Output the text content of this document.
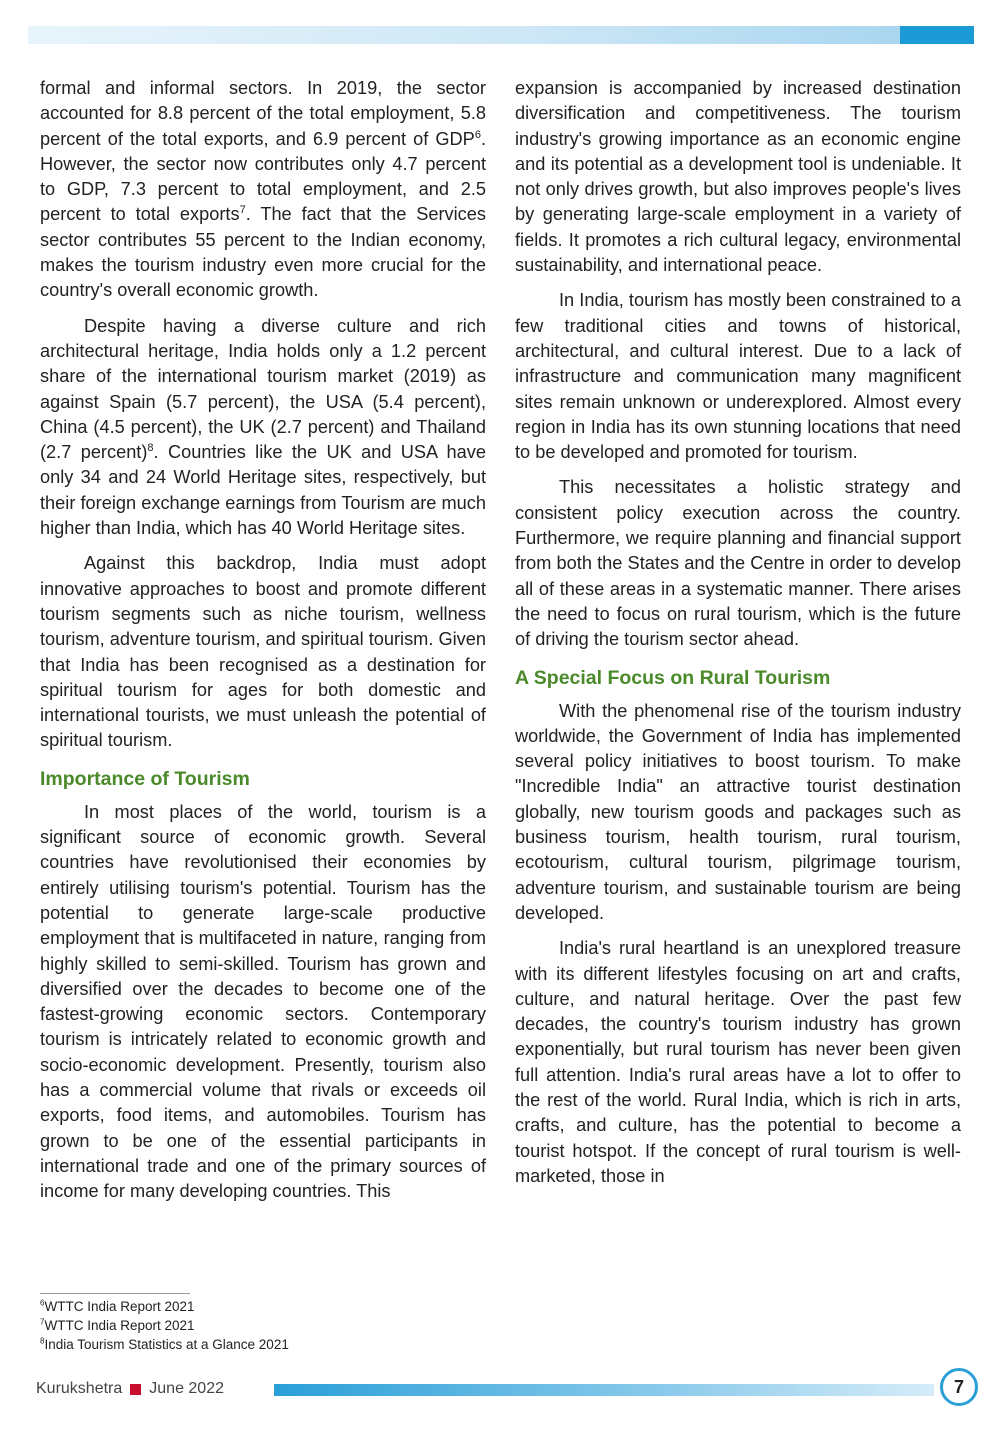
formal and informal sectors. In 2019, the sector accounted for 8.8 percent of the total employment, 5.8 percent of the total exports, and 6.9 percent of GDP$^6$. However, the sector now contributes only 4.7 percent to GDP, 7.3 percent to total employment, and 2.5 percent to total exports$^7$. The fact that the Services sector contributes 55 percent to the Indian economy, makes the tourism industry even more crucial for the country's overall economic growth.

Despite having a diverse culture and rich architectural heritage, India holds only a 1.2 percent share of the international tourism market (2019) as against Spain (5.7 percent), the USA (5.4 percent), China (4.5 percent), the UK (2.7 percent) and Thailand (2.7 percent)$^8$. Countries like the UK and USA have only 34 and 24 World Heritage sites, respectively, but their foreign exchange earnings from Tourism are much higher than India, which has 40 World Heritage sites.

Against this backdrop, India must adopt innovative approaches to boost and promote different tourism segments such as niche tourism, wellness tourism, adventure tourism, and spiritual tourism. Given that India has been recognised as a destination for spiritual tourism for ages for both domestic and international tourists, we must unleash the potential of spiritual tourism.

Importance of Tourism

In most places of the world, tourism is a significant source of economic growth. Several countries have revolutionised their economies by entirely utilising tourism's potential. Tourism has the potential to generate large-scale productive employment that is multifaceted in nature, ranging from highly skilled to semi-skilled. Tourism has grown and diversified over the decades to become one of the fastest-growing economic sectors. Contemporary tourism is intricately related to economic growth and socio-economic development. Presently, tourism also has a commercial volume that rivals or exceeds oil exports, food items, and automobiles. Tourism has grown to be one of the essential participants in international trade and one of the primary sources of income for many developing countries. This

expansion is accompanied by increased destination diversification and competitiveness. The tourism industry's growing importance as an economic engine and its potential as a development tool is undeniable. It not only drives growth, but also improves people's lives by generating large-scale employment in a variety of fields. It promotes a rich cultural legacy, environmental sustainability, and international peace.

In India, tourism has mostly been constrained to a few traditional cities and towns of historical, architectural, and cultural interest. Due to a lack of infrastructure and communication many magnificent sites remain unknown or underexplored. Almost every region in India has its own stunning locations that need to be developed and promoted for tourism.

This necessitates a holistic strategy and consistent policy execution across the country. Furthermore, we require planning and financial support from both the States and the Centre in order to develop all of these areas in a systematic manner. There arises the need to focus on rural tourism, which is the future of driving the tourism sector ahead.

A Special Focus on Rural Tourism

With the phenomenal rise of the tourism industry worldwide, the Government of India has implemented several policy initiatives to boost tourism. To make "Incredible India" an attractive tourist destination globally, new tourism goods and packages such as business tourism, health tourism, rural tourism, ecotourism, cultural tourism, pilgrimage tourism, adventure tourism, and sustainable tourism are being developed.

India's rural heartland is an unexplored treasure with its different lifestyles focusing on art and crafts, culture, and natural heritage. Over the past few decades, the country's tourism industry has grown exponentially, but rural tourism has never been given full attention. India's rural areas have a lot to offer to the rest of the world. Rural India, which is rich in arts, crafts, and culture, has the potential to become a tourist hotspot. If the concept of rural tourism is well-marketed, those in

$^6$WTTC India Report 2021
$^7$WTTC India Report 2021
$^8$India Tourism Statistics at a Glance 2021
Kurukshetra June 2022	7
